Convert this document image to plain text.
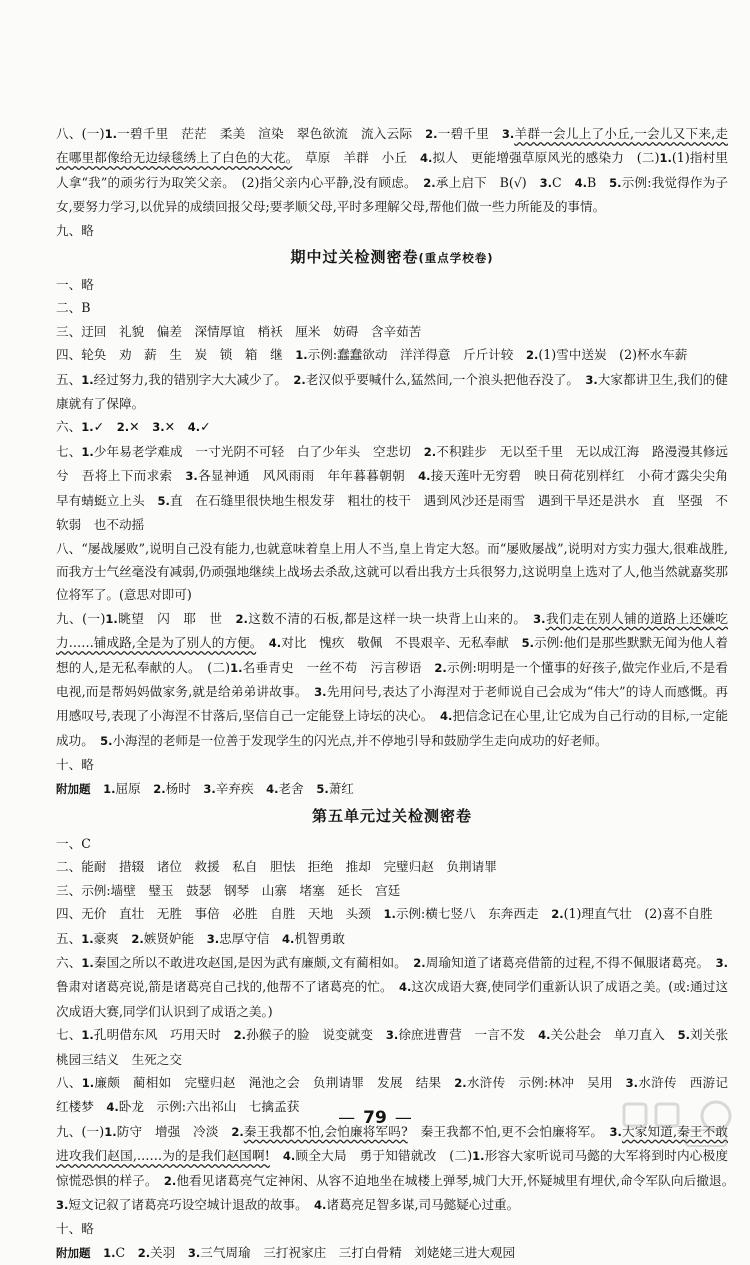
八、(一)1.一碧千里　茫茫　柔美　渲染　翠色欲流　流入云际　2.一碧千里　3.羊群一会儿上了小丘,一会儿又下来,走在哪里都像给无边绿毯绣上了白色的大花。　草原　羊群　小丘　4.拟人　更能增强草原风光的感染力　(二)1.(1)指村里人拿“我”的顽劣行为取笑父亲。　(2)指父亲内心平静,没有顾虑。　2.承上启下　B(√)　3.C　4.B　5.示例:我觉得作为子女,要努力学习,以优异的成绩回报父母;要孝顺父母,平时多理解父母,帮他们做一些力所能及的事情。

九、略

期中过关检测密卷(重点学校卷)

一、略

二、B

三、迂回　礼貌　偏差　深情厚谊　梢袄　厘米　妨碍　含辛茹苦

四、轮奂　劝　薪　生　炭　锁　箱　继　1.示例:蠢蠢欲动　洋洋得意　斤斤计较　2.(1)雪中送炭　(2)杯水车薪

五、1.经过努力,我的错别字大大减少了。　2.老汉似乎要喊什么,猛然间,一个浪头把他吞没了。　3.大家都讲卫生,我们的健康就有了保障。

六、1.✓　2.✕　3.✕　4.✓

七、1.少年易老学难成　一寸光阴不可轻　白了少年头　空悲切　2.不积跬步　无以至千里　无以成江海　路漫漫其修远兮　吾将上下而求索　3.各显神通　风风雨雨　年年暮暮朝朝　4.接天莲叶无穷碧　映日荷花别样红　小荷才露尖尖角　早有蜻蜓立上头　5.直　在石缝里很快地生根发芽　粗壮的枝干　遇到风沙还是雨雪　遇到干旱还是洪水　直　坚强　不软弱　也不动摇

八、“屡战屡败”,说明自己没有能力,也就意味着皇上用人不当,皇上肯定大怒。而“屡败屡战”,说明对方实力强大,很难战胜,而我方士气丝毫没有减弱,仍顽强地继续上战场去杀敌,这就可以看出我方士兵很努力,这说明皇上选对了人,他当然就嘉奖那位将军了。(意思对即可)

九、(一)1.眺望　闪　耶　世　2.这数不清的石板,都是这样一块一块背上山来的。　3.我们走在别人铺的道路上还嫌吃力……铺成路,全是为了别人的方便。　 4.对比　愧疚　敬佩　不畏艰辛、无私奉献　5.示例:他们是那些默默无闻为他人着想的人,是无私奉献的人。　(二)1.名垂青史　一丝不苟　污言秽语　2.示例:明明是一个懂事的好孩子,做完作业后,不是看电视,而是帮妈妈做家务,就是给弟弟讲故事。　3.先用问号,表达了小海涅对于老师说自己会成为“伟大”的诗人而感慨。再用感叹号,表现了小海涅不甘落后,坚信自己一定能登上诗坛的决心。　4.把信念记在心里,让它成为自己行动的目标,一定能成功。　5.小海涅的老师是一位善于发现学生的闪光点,并不停地引导和鼓励学生走向成功的好老师。

十、略

附加题　 1.屈原　2.杨时　3.辛弃疾　4.老舍　5.萧红

第五单元过关检测密卷

一、C

二、能耐　措辍　诸位　救援　私自　胆怯　拒绝　推却　完璧归赵　负荆请罪

三、示例:墙壁　璧玉　鼓瑟　钢琴　山寨　堵塞　延长　宫廷

四、无价　直壮　无胜　事倍　必胜　自胜　天地　头颈　1.示例:横七竖八　东奔西走　2.(1)理直气壮　(2)喜不自胜

五、1.豪爽　2.嫉贤妒能　3.忠厚守信　4.机智勇敢

六、1.秦国之所以不敢进攻赵国,是因为武有廉颇,文有蔺相如。　2.周瑜知道了诸葛亮借箭的过程,不得不佩服诸葛亮。　3.鲁肃对诸葛亮说,箭是诸葛亮自己找的,他帮不了诸葛亮的忙。　4.这次成语大赛,使同学们重新认识了成语之美。(或:通过这次成语大赛,同学们认识到了成语之美。)

七、1.孔明借东风　巧用天时　2.孙猴子的脸　说变就变　3.徐庶进曹营　一言不发　4.关公赴会　单刀直入　5.刘关张桃园三结义　生死之交

八、1.廉颇　蔺相如　完璧归赵　渑池之会　负荆请罪　发展　结果　2.水浒传　示例:林冲　吴用　3.水浒传　西游记　红楼梦　4.卧龙　示例:六出祁山　七擒孟获

九、(一)1.防守　增强　冷淡　2.秦王我都不怕,会怕廉将军吗?　秦王我都不怕,更不会怕廉将军。　3.大家知道,秦王不敢进攻我们赵国,……为的是我们赵国啊!　 4.顾全大局　勇于知错就改　(二)1.形容大家听说司马懿的大军将到时内心极度惊慌恐惧的样子。　2.他看见诸葛亮气定神闲、从容不迫地坐在城楼上弹琴,城门大开,怀疑城里有埋伏,命令军队向后撤退。　3.短文记叙了诸葛亮巧设空城计退敌的故事。　4.诸葛亮足智多谋,司马懿疑心过重。

十、略

附加题　 1.C　2.关羽　3.三气周瑜　三打祝家庄　三打白骨精　刘姥姥三进大观园

— 79 —
